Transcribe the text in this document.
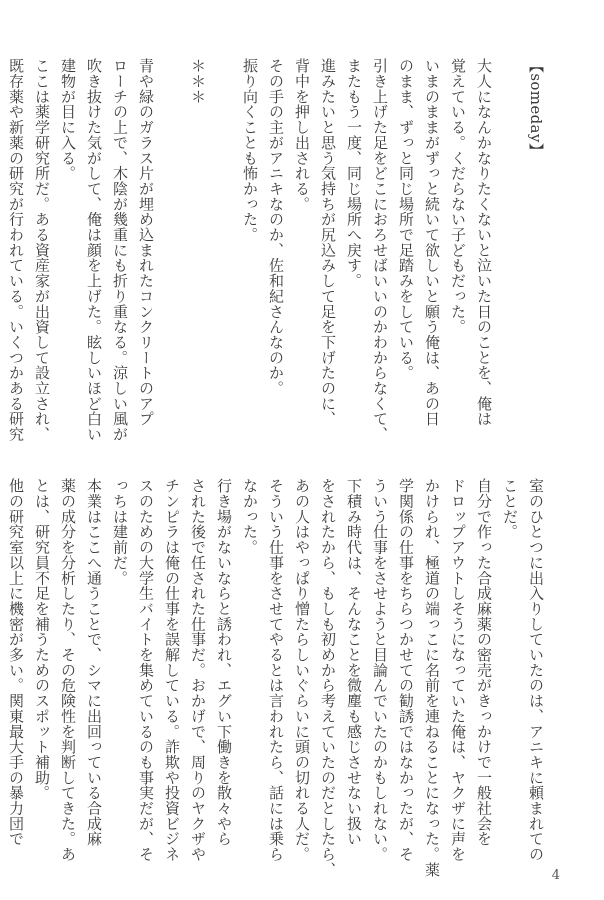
【someday】
大人になんかなりたくないと泣いた日のことを、俺は
覚えている。くだらない子どもだった。
いまのままがずっと続いて欲しいと願う俺は、あの日
のまま、ずっと同じ場所で足踏みをしている。
引き上げた足をどこにおろせばいいのかわからなくて、
またもう一度、同じ場所へ戻す。
進みたいと思う気持ちが尻込みして足を下げたのに、
背中を押し出される。
その手の主がアニキなのか、佐和紀さんなのか。
振り向くことも怖かった。
＊＊＊
青や緑のガラス片が埋め込まれたコンクリートのアプ
ローチの上で、木陰が幾重にも折り重なる。涼しい風が
吹き抜けた気がして、俺は顔を上げた。眩しいほど白い
建物が目に入る。
ここは薬学研究所だ。ある資産家が出資して設立され、
既存薬や新薬の研究が行われている。いくつかある研究
室のひとつに出入りしていたのは、アニキに頼まれての
ことだ。
自分で作った合成麻薬の密売がきっかけで一般社会を
ドロップアウトしそうになっていた俺は、ヤクザに声を
かけられ、極道の端っこに名前を連ねることになった。薬
学関係の仕事をちらつかせての勧誘ではなかったが、そ
ういう仕事をさせようと目論んでいたのかもしれない。
下積み時代は、そんなことを微塵も感じさせない扱い
をされたから、もしも初めから考えていたのだとしたら、
あの人はやっぱり憎たらしいぐらいに頭の切れる人だ。
そういう仕事をさせてやるとは言われたら、話には乗ら
なかった。
行き場がないならと誘われ、エグい下働きを散々やら
された後で任された仕事だ。おかげで、周りのヤクザや
チンピラは俺の仕事を誤解している。詐欺や投資ビジネ
スのための大学生バイトを集めているのも事実だが、そ
っちは建前だ。
本業はここへ通うことで、シマに出回っている合成麻
薬の成分を分析したり、その危険性を判断してきた。あ
とは、研究員不足を補うためのスポット補助。
他の研究室以上に機密が多い。関東最大手の暴力団で
4
